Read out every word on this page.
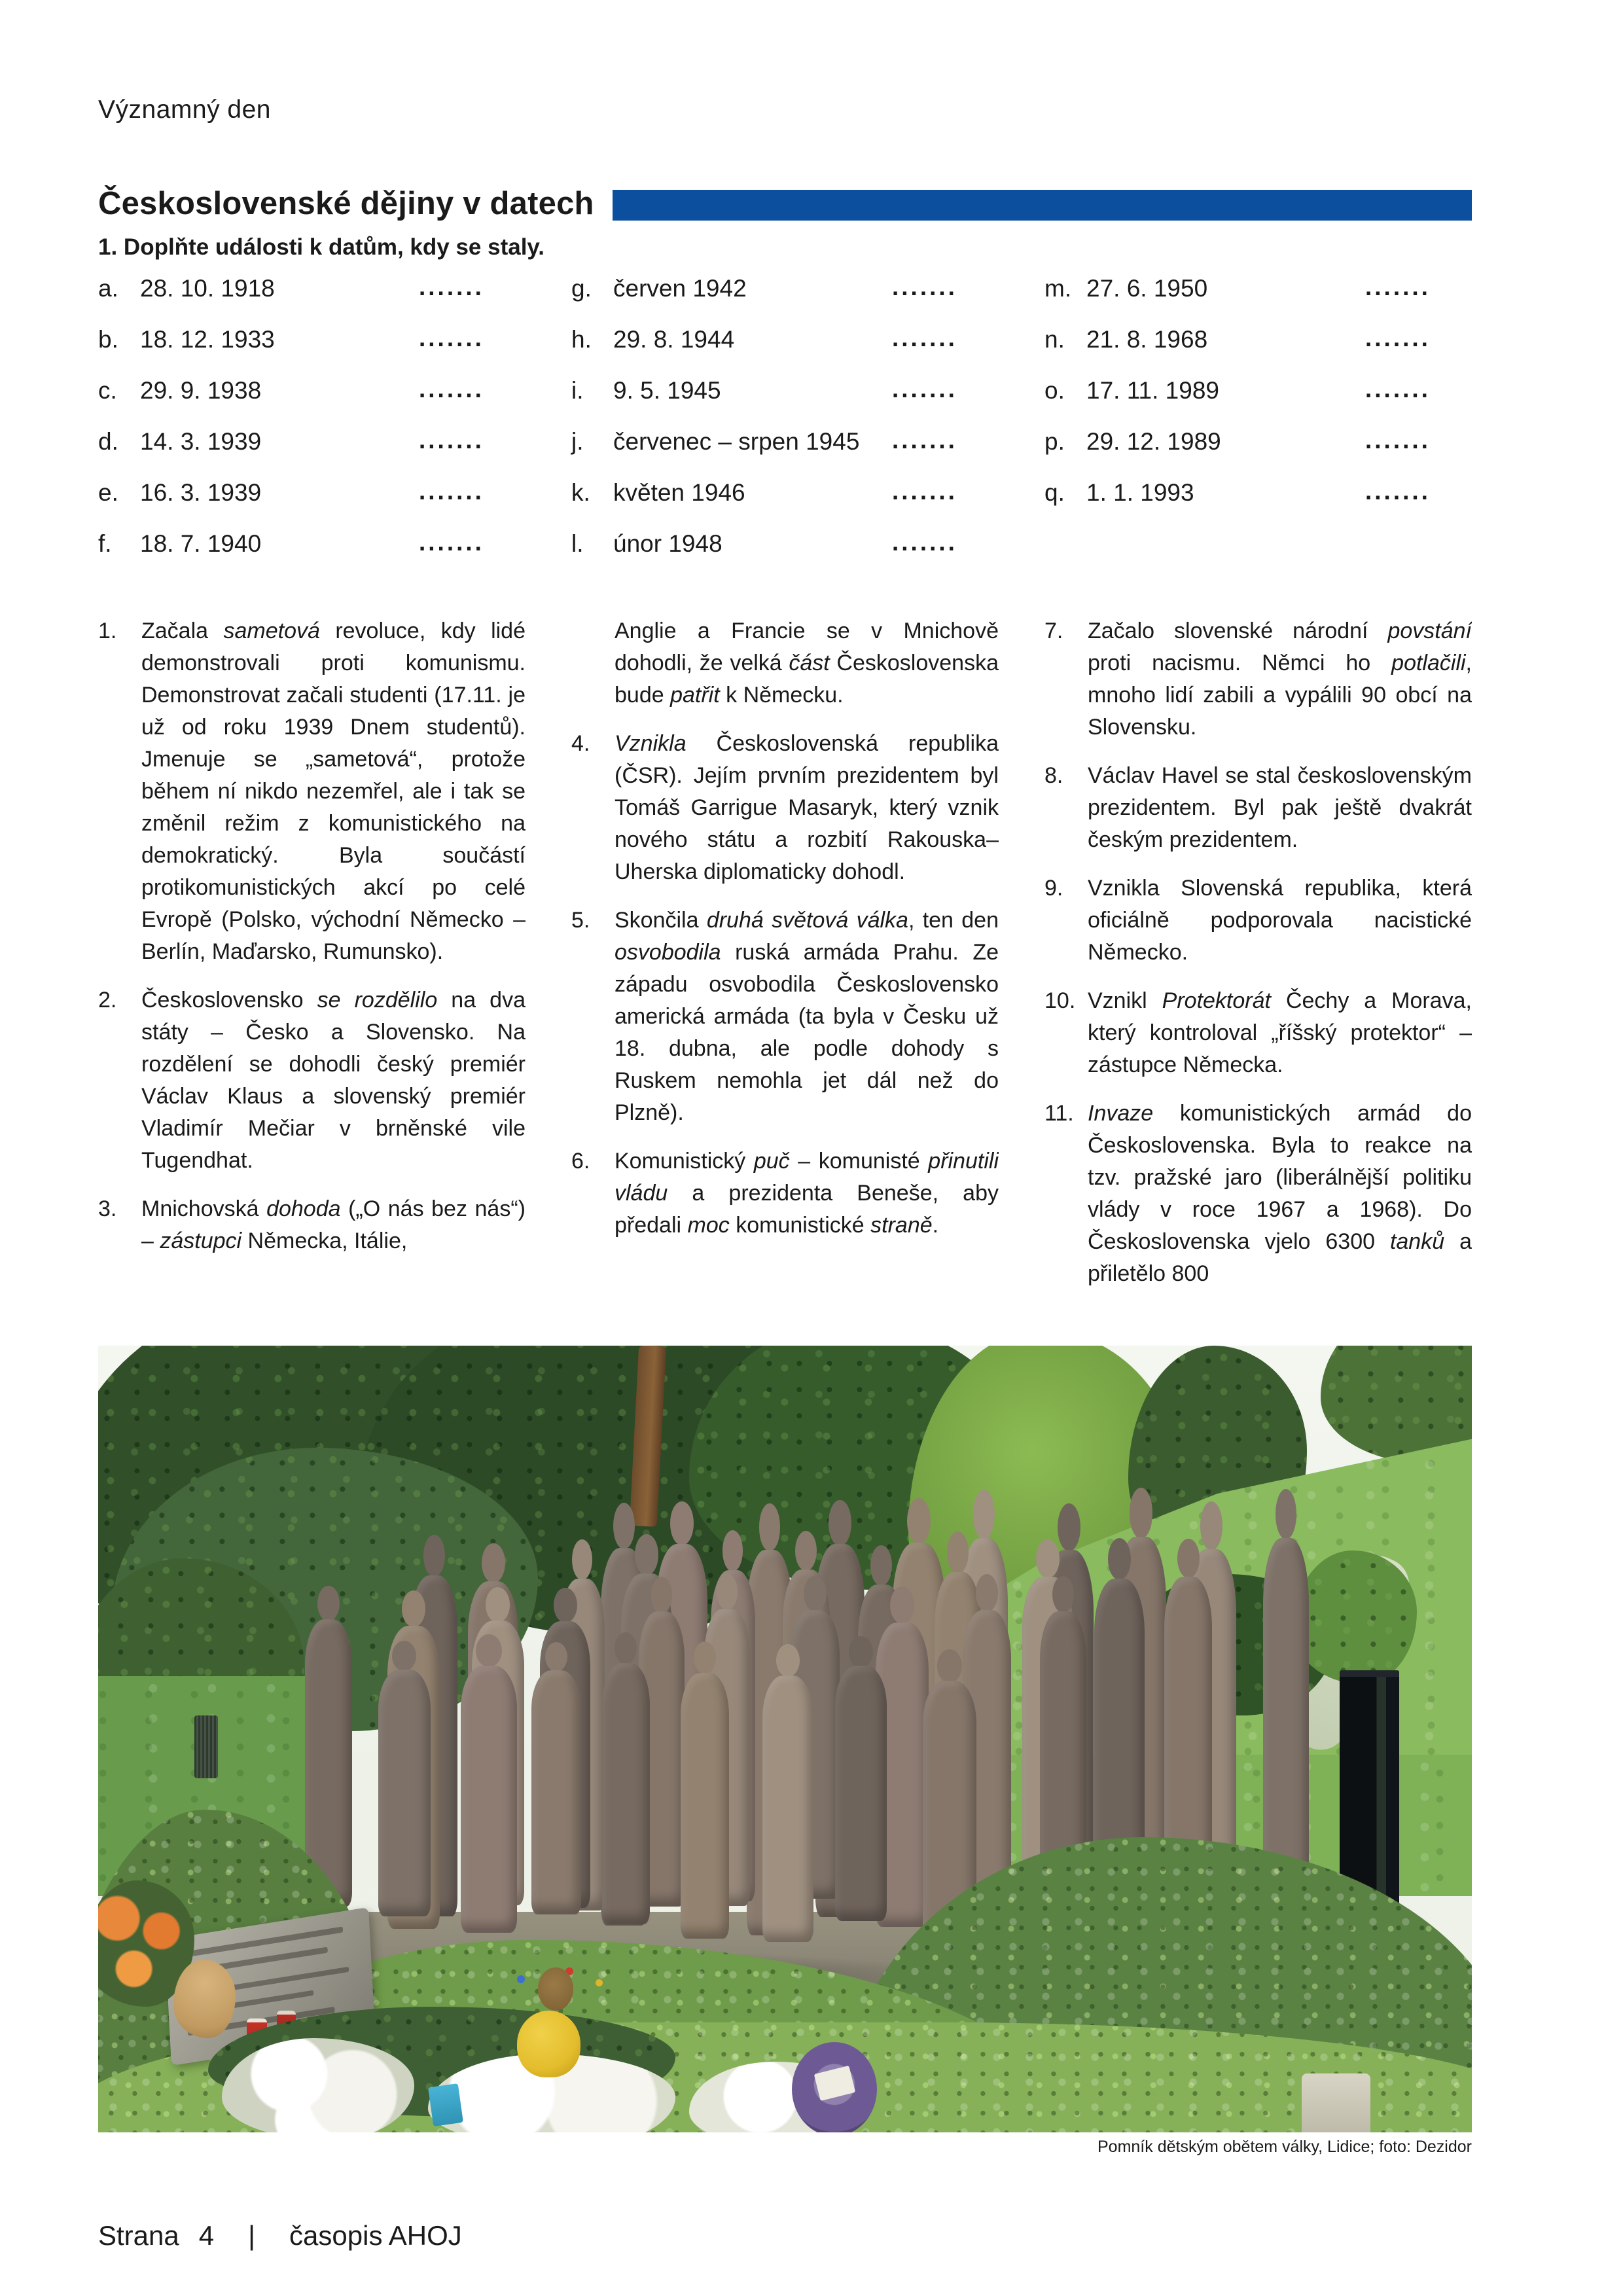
Významný den
Československé dějiny v datech
1. Doplňte události k datům, kdy se staly.
a. 28. 10. 1918	.......
b. 18. 12. 1933	.......
c. 29. 9. 1938	.......
d. 14. 3. 1939	.......
e. 16. 3. 1939	.......
f.	18. 7. 1940	.......
g. červen 1942	.......
h. 29. 8. 1944	.......
i.	9. 5. 1945	.......
j.	červenec – srpen 1945 .......
k. květen 1946	.......
l.	únor 1948	.......
m. 27. 6. 1950	.......
n. 21. 8. 1968	.......
o. 17. 11. 1989	.......
p. 29. 12. 1989	.......
q. 1. 1. 1993	.......
1.	Začala sametová revoluce, kdy lidé demonstrovali proti komunismu. Demonstrovat začali studenti (17.11. je už od roku 1939 Dnem studentů). Jmenuje se „sametová“, protože během ní nikdo nezemřel, ale i tak se změnil režim z komunistického na demokratický. Byla součástí protikomunistických akcí po celé Evropě (Polsko, východní Německo – Berlín, Maďarsko, Rumunsko).
2.	Československo se rozdělilo na dva státy – Česko a Slovensko. Na rozdělení se dohodli český premiér Václav Klaus a slovenský premiér Vladimír Mečiar v brněnské vile Tugendhat.
3.	Mnichovská dohoda („O nás bez nás“) – zástupci Německa, Itálie,
Anglie a Francie se v Mnichově dohodli, že velká část Československa bude patřit k Německu.
4.	Vznikla Československá republika (ČSR). Jejím prvním prezidentem byl Tomáš Garrigue Masaryk, který vznik nového státu a rozbití Rakouska–Uherska diplomaticky dohodl.
5.	Skončila druhá světová válka, ten den osvobodila ruská armáda Prahu. Ze západu osvobodila Československo americká armáda (ta byla v Česku už 18. dubna, ale podle dohody s Ruskem nemohla jet dál než do Plzně).
6.	Komunistický puč – komunisté přinutili vládu a prezidenta Beneše, aby předali moc komunistické straně.
7.	Začalo slovenské národní povstání proti nacismu. Němci ho potlačili, mnoho lidí zabili a vypálili 90 obcí na Slovensku.
8.	Václav Havel se stal československým prezidentem. Byl pak ještě dvakrát českým prezidentem.
9.	Vznikla Slovenská republika, která oficiálně podporovala nacistické Německo.
10. Vznikl Protektorát Čechy a Morava, který kontroloval „říšský protektor“ – zástupce Německa.
11. Invaze komunistických armád do Československa. Byla to reakce na tzv. pražské jaro (liberálnější politiku vlády v roce 1967 a 1968). Do Československa vjelo 6300 tanků a přiletělo 800
Pomník dětským obětem války, Lidice; foto: Dezidor
Strana 4 | časopis AHOJ
